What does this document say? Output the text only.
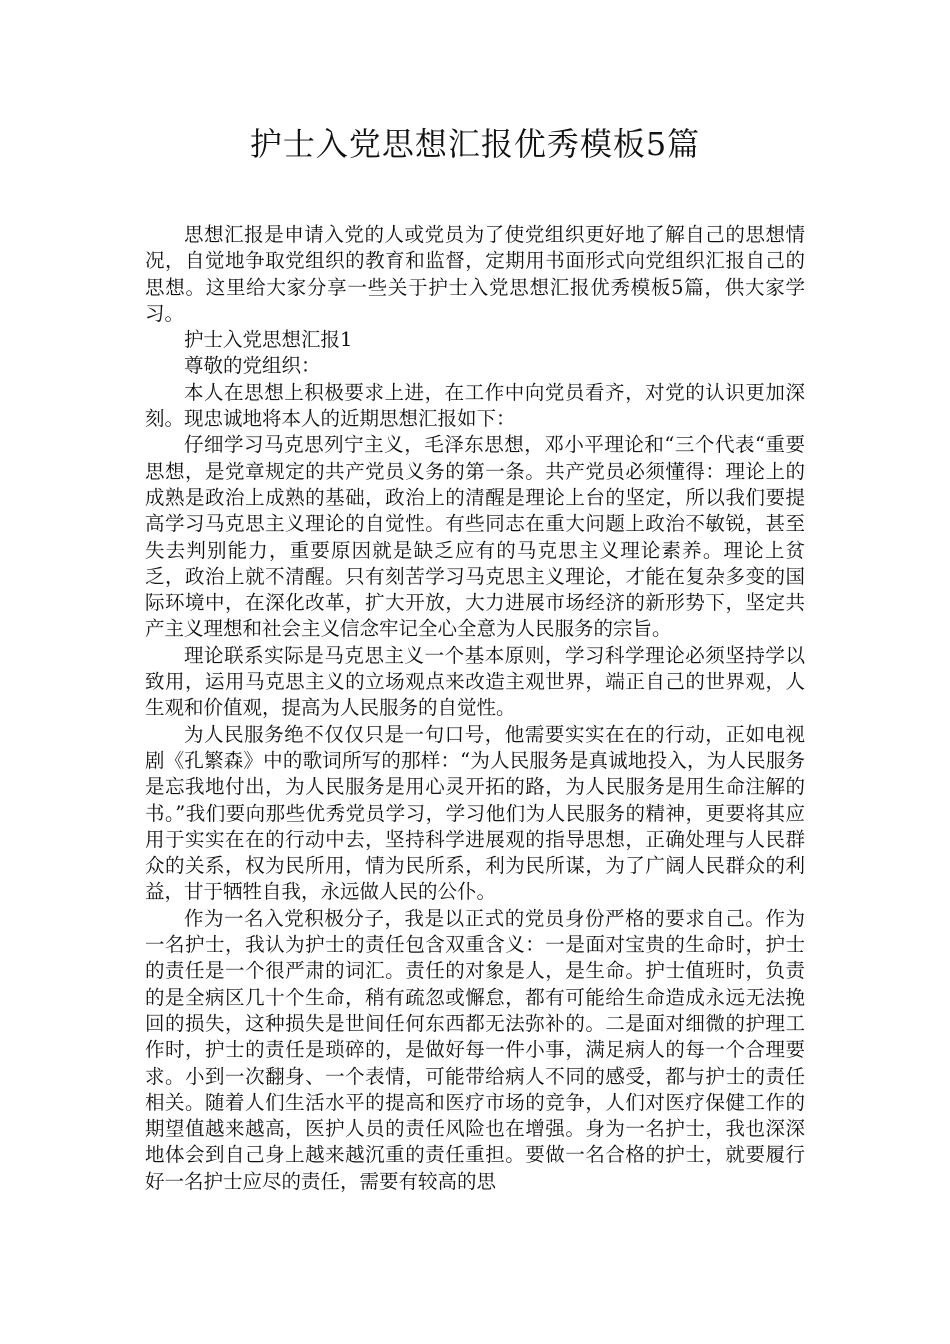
护士入党思想汇报优秀模板5篇

思想汇报是申请入党的人或党员为了使党组织更好地了解自己的思想情况，自觉地争取党组织的教育和监督，定期用书面形式向党组织汇报自己的思想。这里给大家分享一些关于护士入党思想汇报优秀模板5篇，供大家学习。

护士入党思想汇报1

尊敬的党组织：

本人在思想上积极要求上进，在工作中向党员看齐，对党的认识更加深刻。现忠诚地将本人的近期思想汇报如下：

仔细学习马克思列宁主义，毛泽东思想，邓小平理论和“三个代表“重要思想，是党章规定的共产党员义务的第一条。共产党员必须懂得：理论上的成熟是政治上成熟的基础，政治上的清醒是理论上台的坚定，所以我们要提高学习马克思主义理论的自觉性。有些同志在重大问题上政治不敏锐，甚至失去判别能力，重要原因就是缺乏应有的马克思主义理论素养。理论上贫乏，政治上就不清醒。只有刻苦学习马克思主义理论，才能在复杂多变的国际环境中，在深化改革，扩大开放，大力进展市场经济的新形势下，坚定共产主义理想和社会主义信念牢记全心全意为人民服务的宗旨。

理论联系实际是马克思主义一个基本原则，学习科学理论必须坚持学以致用，运用马克思主义的立场观点来改造主观世界，端正自己的世界观，人生观和价值观，提高为人民服务的自觉性。

为人民服务绝不仅仅只是一句口号，他需要实实在在的行动，正如电视剧《孔繁森》中的歌词所写的那样：“为人民服务是真诚地投入，为人民服务是忘我地付出，为人民服务是用心灵开拓的路，为人民服务是用生命注解的书。”我们要向那些优秀党员学习，学习他们为人民服务的精神，更要将其应用于实实在在的行动中去，坚持科学进展观的指导思想，正确处理与人民群众的关系，权为民所用，情为民所系，利为民所谋，为了广阔人民群众的利益，甘于牺牲自我，永远做人民的公仆。

作为一名入党积极分子，我是以正式的党员身份严格的要求自己。作为一名护士，我认为护士的责任包含双重含义：一是面对宝贵的生命时，护士的责任是一个很严肃的词汇。责任的对象是人，是生命。护士值班时，负责的是全病区几十个生命，稍有疏忽或懈怠，都有可能给生命造成永远无法挽回的损失，这种损失是世间任何东西都无法弥补的。二是面对细微的护理工作时，护士的责任是琐碎的，是做好每一件小事，满足病人的每一个合理要求。小到一次翻身、一个表情，可能带给病人不同的感受，都与护士的责任相关。随着人们生活水平的提高和医疗市场的竞争，人们对医疗保健工作的期望值越来越高，医护人员的责任风险也在增强。身为一名护士，我也深深地体会到自己身上越来越沉重的责任重担。要做一名合格的护士，就要履行好一名护士应尽的责任，需要有较高的思
